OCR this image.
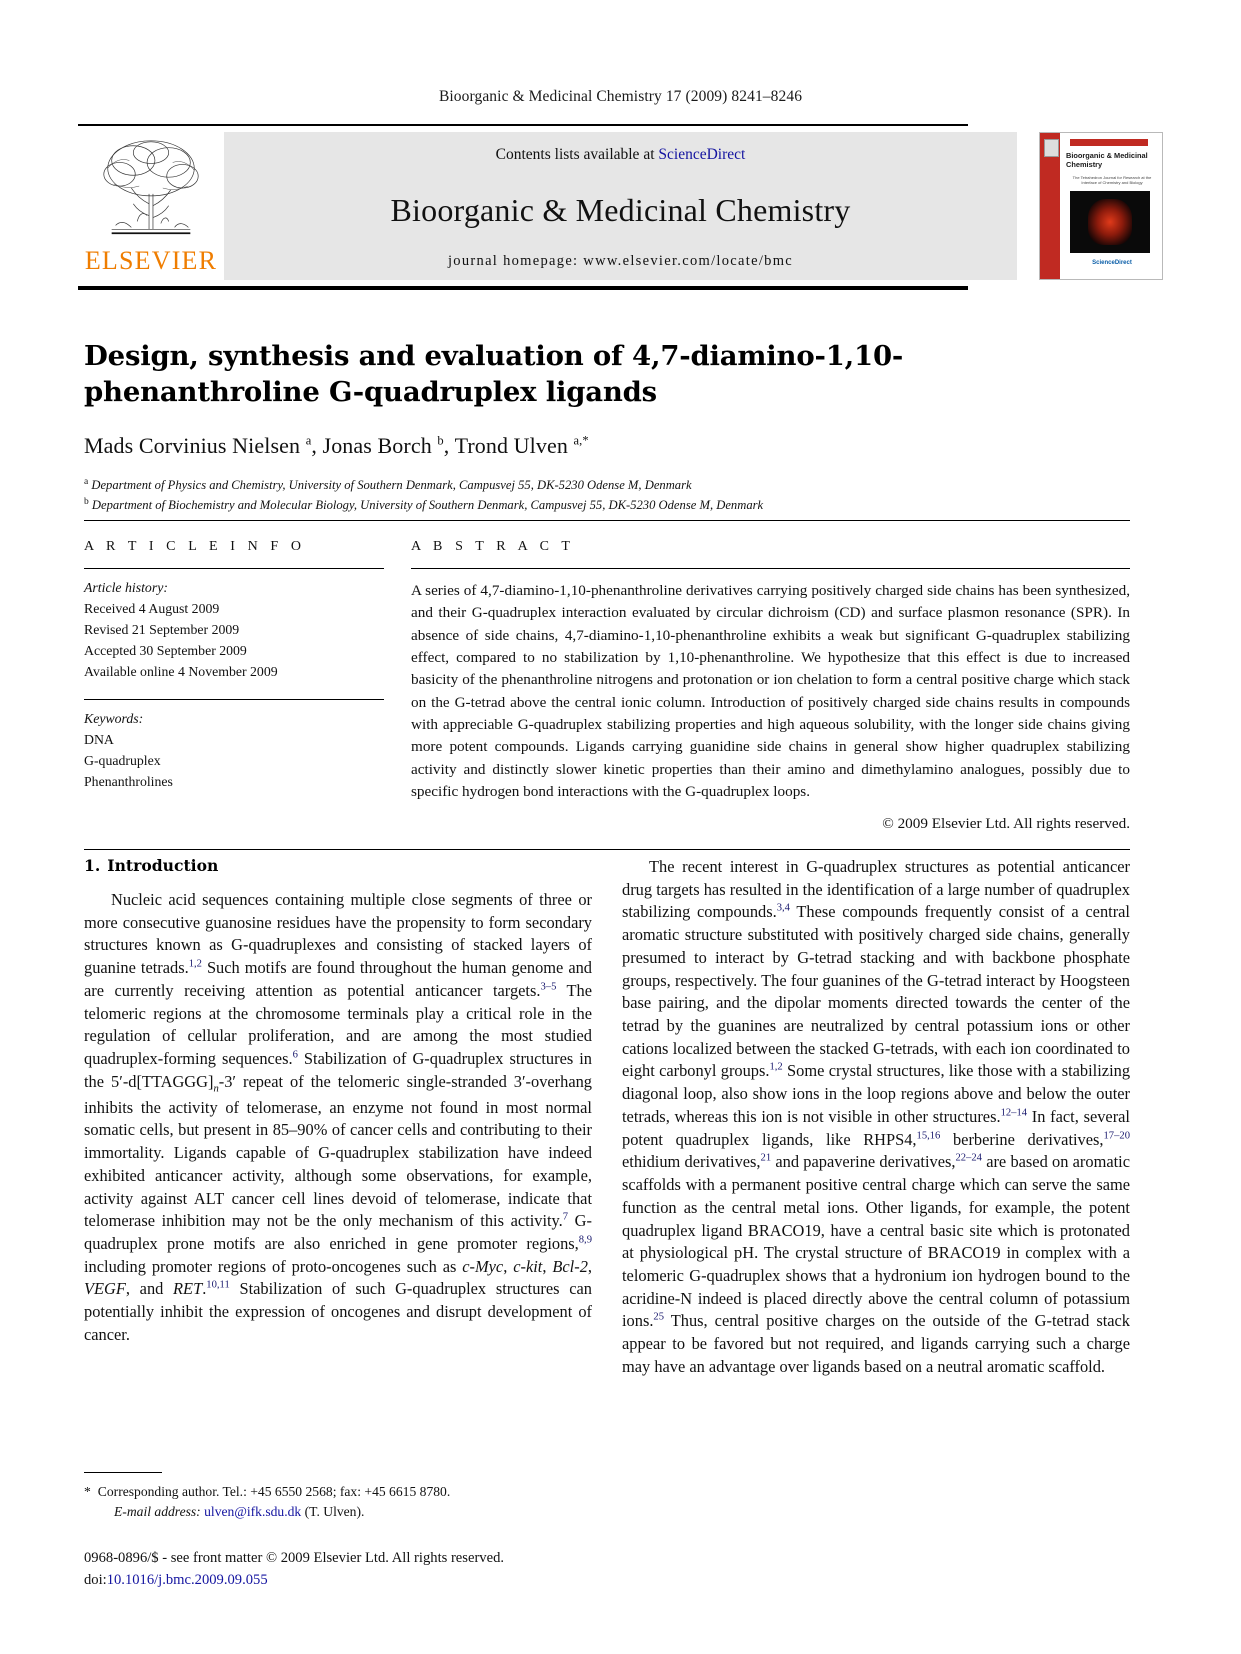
Bioorganic & Medicinal Chemistry 17 (2009) 8241–8246
ELSEVIER
Contents lists available at ScienceDirect
Bioorganic & Medicinal Chemistry
journal homepage: www.elsevier.com/locate/bmc
Bioorganic & Medicinal Chemistry
The Tetrahedron Journal for Research at the Interface of Chemistry and Biology
ScienceDirect
Design, synthesis and evaluation of 4,7-diamino-1,10-phenanthroline G-quadruplex ligands
Mads Corvinius Nielsen $^a$, Jonas Borch $^b$, Trond Ulven $^{a,*}$
$^a$ Department of Physics and Chemistry, University of Southern Denmark, Campusvej 55, DK-5230 Odense M, Denmark
$^b$ Department of Biochemistry and Molecular Biology, University of Southern Denmark, Campusvej 55, DK-5230 Odense M, Denmark
A R T I C L E I N F O
Article history:
Received 4 August 2009
Revised 21 September 2009
Accepted 30 September 2009
Available online 4 November 2009
Keywords:
DNA
G-quadruplex
Phenanthrolines
A B S T R A C T
A series of 4,7-diamino-1,10-phenanthroline derivatives carrying positively charged side chains has been synthesized, and their G-quadruplex interaction evaluated by circular dichroism (CD) and surface plasmon resonance (SPR). In absence of side chains, 4,7-diamino-1,10-phenanthroline exhibits a weak but significant G-quadruplex stabilizing effect, compared to no stabilization by 1,10-phenanthroline. We hypothesize that this effect is due to increased basicity of the phenanthroline nitrogens and protonation or ion chelation to form a central positive charge which stack on the G-tetrad above the central ionic column. Introduction of positively charged side chains results in compounds with appreciable G-quadruplex stabilizing properties and high aqueous solubility, with the longer side chains giving more potent compounds. Ligands carrying guanidine side chains in general show higher quadruplex stabilizing activity and distinctly slower kinetic properties than their amino and dimethylamino analogues, possibly due to specific hydrogen bond interactions with the G-quadruplex loops.
© 2009 Elsevier Ltd. All rights reserved.
1. Introduction

Nucleic acid sequences containing multiple close segments of three or more consecutive guanosine residues have the propensity to form secondary structures known as G-quadruplexes and consisting of stacked layers of guanine tetrads.$^{1,2}$ Such motifs are found throughout the human genome and are currently receiving attention as potential anticancer targets.$^{3-5}$ The telomeric regions at the chromosome terminals play a critical role in the regulation of cellular proliferation, and are among the most studied quadruplex-forming sequences.$^6$ Stabilization of G-quadruplex structures in the $5'-d[TTAGGG]_n-3'$ repeat of the telomeric single-stranded 3′-overhang inhibits the activity of telomerase, an enzyme not found in most normal somatic cells, but present in 85–90% of cancer cells and contributing to their immortality. Ligands capable of G-quadruplex stabilization have indeed exhibited anticancer activity, although some observations, for example, activity against ALT cancer cell lines devoid of telomerase, indicate that telomerase inhibition may not be the only mechanism of this activity.$^7$ G-quadruplex prone motifs are also enriched in gene promoter regions,$^{8,9}$ including promoter regions of proto-oncogenes such as c-Myc, c-kit, Bcl-2, VEGF, and RET.$^{10,11}$ Stabilization of such G-quadruplex structures can potentially inhibit the expression of oncogenes and disrupt development of cancer.

The recent interest in G-quadruplex structures as potential anticancer drug targets has resulted in the identification of a large number of quadruplex stabilizing compounds.$^{3,4}$ These compounds frequently consist of a central aromatic structure substituted with positively charged side chains, generally presumed to interact by G-tetrad stacking and with backbone phosphate groups, respectively. The four guanines of the G-tetrad interact by Hoogsteen base pairing, and the dipolar moments directed towards the center of the tetrad by the guanines are neutralized by central potassium ions or other cations localized between the stacked G-tetrads, with each ion coordinated to eight carbonyl groups.$^{1,2}$ Some crystal structures, like those with a stabilizing diagonal loop, also show ions in the loop regions above and below the outer tetrads, whereas this ion is not visible in other structures.$^{12-14}$ In fact, several potent quadruplex ligands, like RHPS4,$^{15,16}$ berberine derivatives,$^{17-20}$ ethidium derivatives,$^{21}$ and papaverine derivatives,$^{22-24}$ are based on aromatic scaffolds with a permanent positive central charge which can serve the same function as the central metal ions. Other ligands, for example, the potent quadruplex ligand BRACO19, have a central basic site which is protonated at physiological pH. The crystal structure of BRACO19 in complex with a telomeric G-quadruplex shows that a hydronium ion hydrogen bound to the acridine-N indeed is placed directly above the central column of potassium ions.$^{25}$ Thus, central positive charges on the outside of the G-tetrad stack appear to be favored but not required, and ligands carrying such a charge may have an advantage over ligands based on a neutral aromatic scaffold.

* Corresponding author. Tel.: +45 6550 2568; fax: +45 6615 8780.
E-mail address: ulven@ifk.sdu.dk (T. Ulven).
0968-0896/$ - see front matter © 2009 Elsevier Ltd. All rights reserved.
doi:10.1016/j.bmc.2009.09.055
